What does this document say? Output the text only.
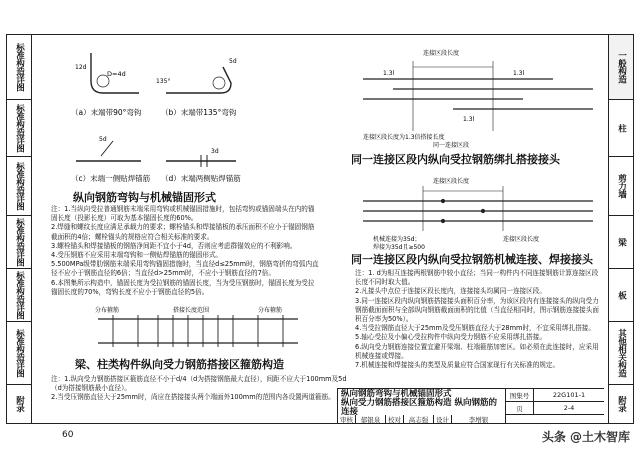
标准构造详图
标准构造详图
标准构造详图
标准构造详图
标准构造详图
标准构造详图
附录
一般构造
柱
剪力墙
梁
板
其他相关构造
附录
D=4d
12d
135°
5d
5d
3d
（a）末端带90°弯钩	（b）末端带135°弯钩
（c）末端一侧贴焊锚筋 （d）末端两侧贴焊锚筋
纵向钢筋弯钩与机械锚固形式

注：1.当纵向受拉普通钢筋末端采用弯钩或机械锚固措施时，包括弯钩或锚固端头在内的锚固长度（投影长度）可取为基本锚固长度的60%。

2.焊缝和螺纹长度应满足承载力的要求；螺栓锚头和焊接锚板的承压面积不应小于锚固钢筋截面积的4倍；螺栓锚头的规格应符合相关标准的要求。

3.螺栓锚头和焊接锚板的钢筋净间距不宜小于4d，否则应考虑群锚效应的不利影响。

4.受压钢筋不应采用末端弯钩和一侧贴焊锚筋的锚固形式。

5.500MPa级带肋钢筋末端采用弯钩锚固措施时，当直径d≤25mm时，钢筋弯折的弯弧内直径不应小于钢筋直径的6倍；当直径d>25mm时，不应小于钢筋直径的7倍。

6.本图集所示构造中，锚固长度为受拉钢筋的锚固长度，当为受压钢筋时，锚固长度为受拉锚固长度的70%，弯钩长度不应小于钢筋直径的5倍。

分布箍筋	搭接长度范围	分布箍筋
梁、柱类构件纵向受力钢筋搭接区箍筋构造

注：1.纵向受力钢筋搭接区箍筋直径不小于d/4（d为搭接钢筋最大直径），间距不应大于100mm及5d（d为搭接钢筋最小直径）。

2.当受压钢筋直径大于25mm时，尚应在搭接接头两个端面外100mm的范围内各设置两道箍筋。

连接区段长度
1.3l	1.3l
1.3l
连接区段长度为1.3倍搭接长度
同一连接区段
同一连接区段内纵向受拉钢筋绑扎搭接接头
连接区段长度
机械连接为35d；
焊接为35d且≥500
连接区段长度
同一连接区段内纵向受拉钢筋机械连接、焊接接头

注：1. d为相互连接两根钢筋中较小直径；当同一构件内不同连接钢筋计算连接区段长度不同时取大值。

2.凡接头中点位于连接区段长度内，连接接头均属同一连接区段。

3.同一连接区段内纵向钢筋搭接接头面积百分率，为该区段内有连接接头的纵向受力钢筋截面面积与全部纵向钢筋截面面积的比值（当直径相同时，图示钢筋连接接头面积百分率为50%）。

4.当受拉钢筋直径大于25mm及受压钢筋直径大于28mm时，不宜采用绑扎搭接。

5.轴心受拉及小偏心受拉构件中纵向受力钢筋不应采用绑扎搭接。

6.纵向受力钢筋连接位置宜避开梁端、柱端箍筋加密区。如必须在此连接时，应采用机械连接或焊接。

7.机械连接和焊接接头的类型及质量应符合国家现行有关标准的规定。

纵向钢筋弯钩与机械锚固形式
纵向受力钢筋搭接区箍筋构造 纵向钢筋的连接
图集号	22G101-1
页	2-4
审核	郁银泉	校对	高志强	设计	李增银
60	头条 @土木智库
